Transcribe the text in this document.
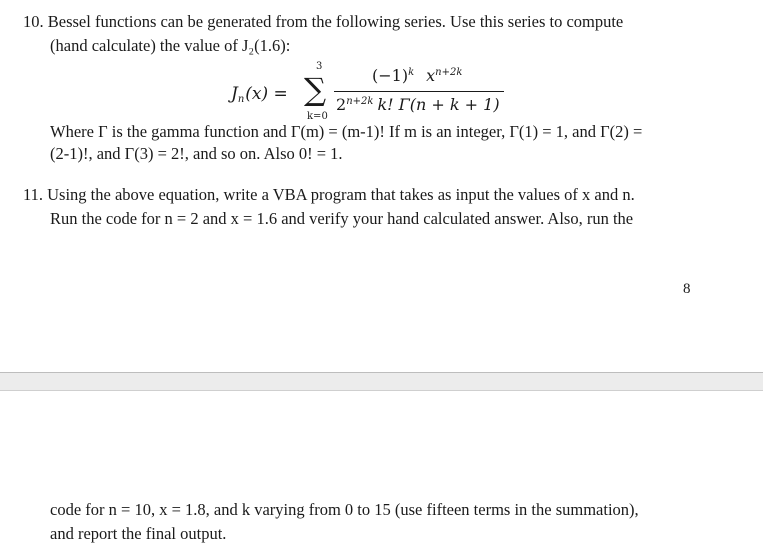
10. Bessel functions can be generated from the following series. Use this series to compute
(hand calculate) the value of J₂(1.6):
$J_n(x)$ =
3
∑
k=0
$(-1)^k$ $x^{n+2k}$
$2^{n+2k}$ k! Γ(n + k + 1)
Where Γ is the gamma function and Γ(m) = (m-1)! If m is an integer, Γ(1) = 1, and Γ(2) =
(2-1)!, and Γ(3) = 2!, and so on. Also 0! = 1.
11. Using the above equation, write a VBA program that takes as input the values of x and n.
Run the code for n = 2 and x = 1.6 and verify your hand calculated answer. Also, run the
8
code for n = 10, x = 1.8, and k varying from 0 to 15 (use fifteen terms in the summation),
and report the final output.
